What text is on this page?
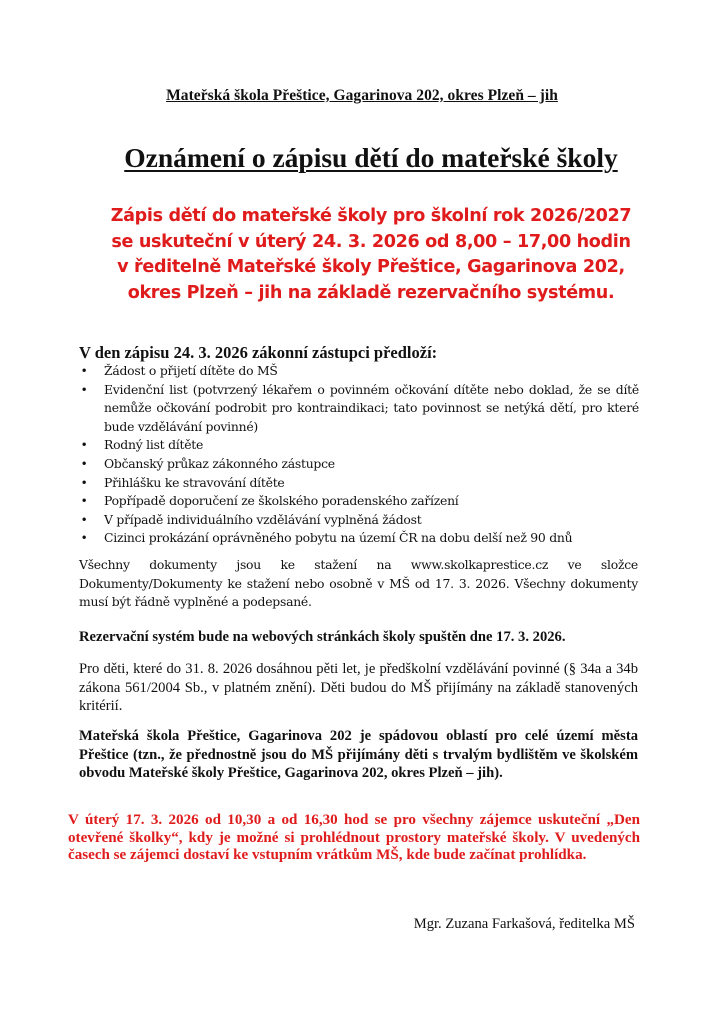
Mateřská škola Přeštice, Gagarinova 202, okres Plzeň – jih
Oznámení o zápisu dětí do mateřské školy
Zápis dětí do mateřské školy pro školní rok 2026/2027
se uskuteční v úterý 24. 3. 2026 od 8,00 – 17,00 hodin
v ředitelně Mateřské školy Přeštice, Gagarinova 202,
okres Plzeň – jih na základě rezervačního systému.
V den zápisu 24. 3. 2026 zákonní zástupci předloží:
• Žádost o přijetí dítěte do MŠ
• Evidenční list (potvrzený lékařem o povinném očkování dítěte nebo doklad, že se dítě nemůže očkování podrobit pro kontraindikaci; tato povinnost se netýká dětí, pro které bude vzdělávání povinné)
• Rodný list dítěte
• Občanský průkaz zákonného zástupce
• Přihlášku ke stravování dítěte
• Popřípadě doporučení ze školského poradenského zařízení
• V případě individuálního vzdělávání vyplněná žádost
• Cizinci prokázání oprávněného pobytu na území ČR na dobu delší než 90 dnů

Všechny dokumenty jsou ke stažení na www.skolkaprestice.cz ve složce Dokumenty/Dokumenty ke stažení nebo osobně v MŠ od 17. 3. 2026. Všechny dokumenty musí být řádně vyplněné a podepsané.

Rezervační systém bude na webových stránkách školy spuštěn dne 17. 3. 2026.

Pro děti, které do 31. 8. 2026 dosáhnou pěti let, je předškolní vzdělávání povinné (§ 34a a 34b zákona 561/2004 Sb., v platném znění). Děti budou do MŠ přijímány na základě stanovených kritérií.

Mateřská škola Přeštice, Gagarinova 202 je spádovou oblastí pro celé území města Přeštice (tzn., že přednostně jsou do MŠ přijímány děti s trvalým bydlištěm ve školském obvodu Mateřské školy Přeštice, Gagarinova 202, okres Plzeň – jih).

V úterý 17. 3. 2026 od 10,30 a od 16,30 hod se pro všechny zájemce uskuteční „Den otevřené školky“, kdy je možné si prohlédnout prostory mateřské školy. V uvedených časech se zájemci dostaví ke vstupním vrátkům MŠ, kde bude začínat prohlídka.

Mgr. Zuzana Farkašová, ředitelka MŠ
